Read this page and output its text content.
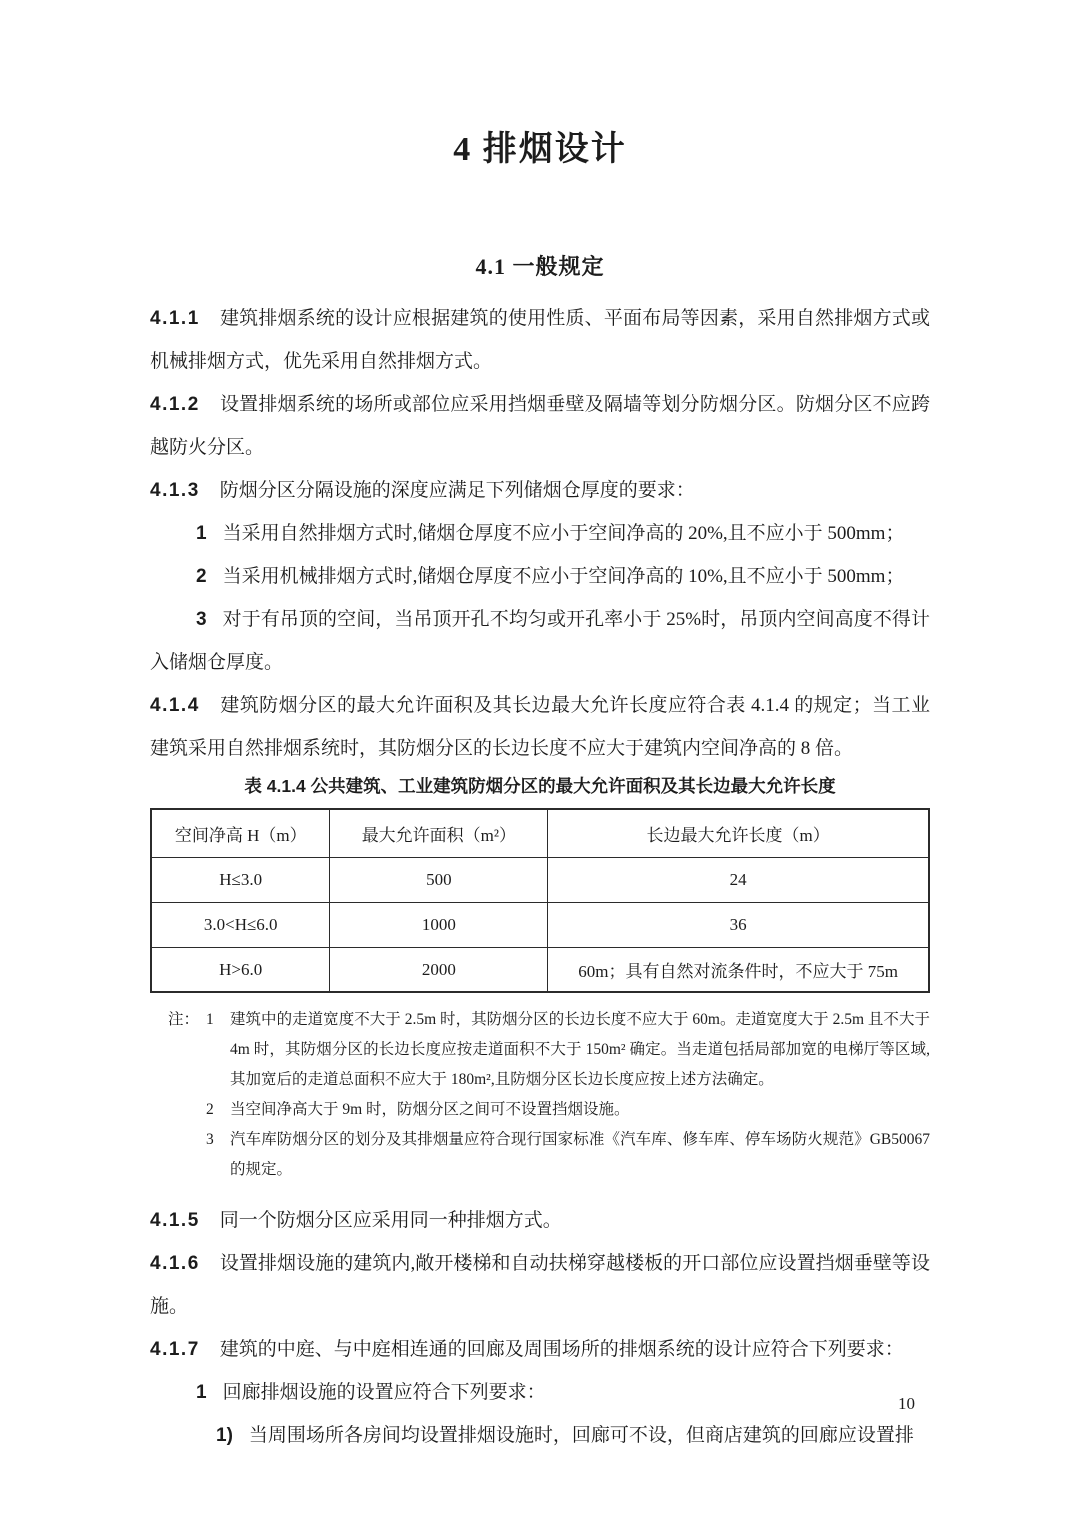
4 排烟设计
4.1 一般规定

4.1.1 建筑排烟系统的设计应根据建筑的使用性质、平面布局等因素，采用自然排烟方式或机械排烟方式，优先采用自然排烟方式。

4.1.2 设置排烟系统的场所或部位应采用挡烟垂壁及隔墙等划分防烟分区。防烟分区不应跨越防火分区。

4.1.3 防烟分区分隔设施的深度应满足下列储烟仓厚度的要求：

1 当采用自然排烟方式时,储烟仓厚度不应小于空间净高的 20%,且不应小于 500mm；

2 当采用机械排烟方式时,储烟仓厚度不应小于空间净高的 10%,且不应小于 500mm；

3 对于有吊顶的空间，当吊顶开孔不均匀或开孔率小于 25%时，吊顶内空间高度不得计入储烟仓厚度。

4.1.4 建筑防烟分区的最大允许面积及其长边最大允许长度应符合表 4.1.4 的规定；当工业建筑采用自然排烟系统时，其防烟分区的长边长度不应大于建筑内空间净高的 8 倍。

表 4.1.4 公共建筑、工业建筑防烟分区的最大允许面积及其长边最大允许长度
空间净高 H（m）	最大允许面积（m²）	长边最大允许长度（m）
H≤3.0	500	24
3.0<H≤6.0	1000	36
H>6.0	2000	60m；具有自然对流条件时，不应大于 75m
注： 1	建筑中的走道宽度不大于 2.5m 时，其防烟分区的长边长度不应大于 60m。走道宽度大于 2.5m 且不大于 4m 时，其防烟分区的长边长度应按走道面积不大于 150m² 确定。当走道包括局部加宽的电梯厅等区域,其加宽后的走道总面积不应大于 180m²,且防烟分区长边长度应按上述方法确定。
2	当空间净高大于 9m 时，防烟分区之间可不设置挡烟设施。
3	汽车库防烟分区的划分及其排烟量应符合现行国家标准《汽车库、修车库、停车场防火规范》GB50067 的规定。

4.1.5 同一个防烟分区应采用同一种排烟方式。

4.1.6 设置排烟设施的建筑内,敞开楼梯和自动扶梯穿越楼板的开口部位应设置挡烟垂壁等设施。

4.1.7 建筑的中庭、与中庭相连通的回廊及周围场所的排烟系统的设计应符合下列要求：

1 回廊排烟设施的设置应符合下列要求：

1) 当周围场所各房间均设置排烟设施时，回廊可不设，但商店建筑的回廊应设置排

10
